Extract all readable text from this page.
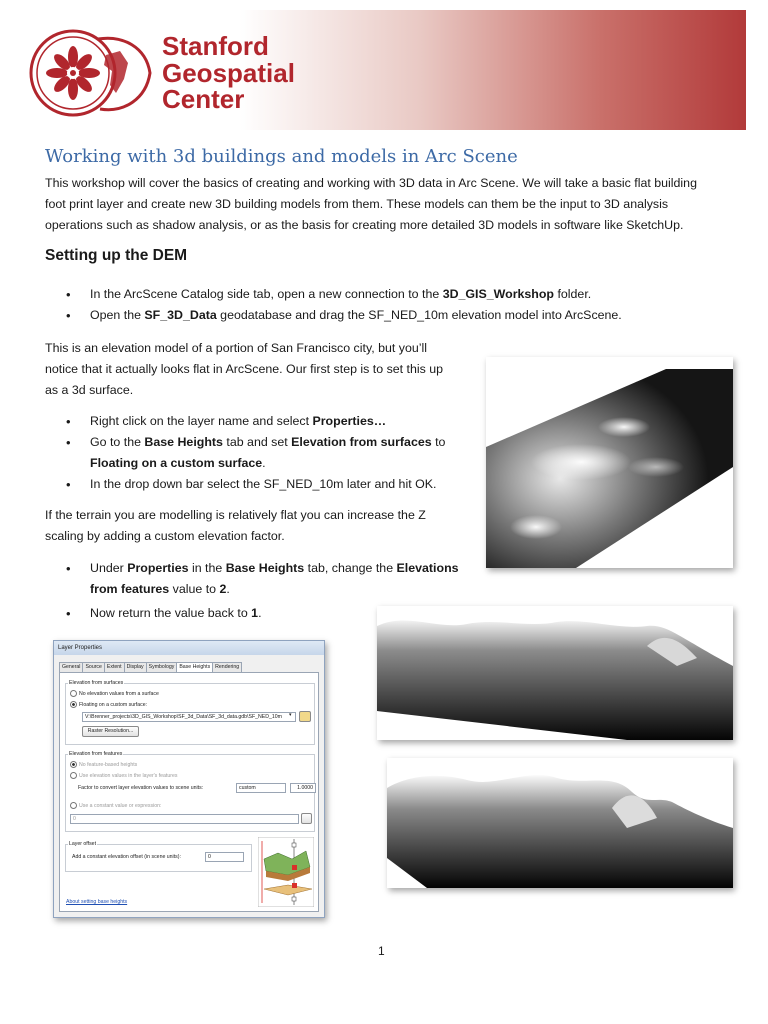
Stanford
Geospatial
Center
Working with 3d buildings and models in Arc Scene
This workshop will cover the basics of creating and working with 3D data in Arc Scene. We will take a basic flat building
foot print layer and create new 3D building models from them. These models can them be the input to 3D analysis
operations such as shadow analysis, or as the basis for creating more detailed 3D models in software like SketchUp.
Setting up the DEM
• In the ArcScene Catalog side tab, open a new connection to the 3D_GIS_Workshop folder.
• Open the SF_3D_Data geodatabase and drag the SF_NED_10m elevation model into ArcScene.
This is an elevation model of a portion of San Francisco city, but you’ll
notice that it actually looks flat in ArcScene. Our first step is to set this up
as a 3d surface.
• Right click on the layer name and select Properties…
• Go to the Base Heights tab and set Elevation from surfaces to
Floating on a custom surface.
• In the drop down bar select the SF_NED_10m later and hit OK.
If the terrain you are modelling is relatively flat you can increase the Z
scaling by adding a custom elevation factor.
• Under Properties in the Base Heights tab, change the Elevations
from features value to 2.
• Now return the value back to 1.
Layer Properties
General Source Extent Display Symbology Base Heights Rendering
Elevation from surfaces
No elevation values from a surface
Floating on a custom surface:
V:\Brenner_projects\3D_GIS_Workshop\SF_3d_Data\SF_3d_data.gdb\SF_NED_10m	▾
Raster Resolution...
Elevation from features
No feature-based heights
Use elevation values in the layer's features
Factor to convert layer elevation values to scene units:	custom	1.0000
Use a constant value or expression:
0
Layer offset
Add a constant elevation offset (in scene units):	0
About setting base heights
1
